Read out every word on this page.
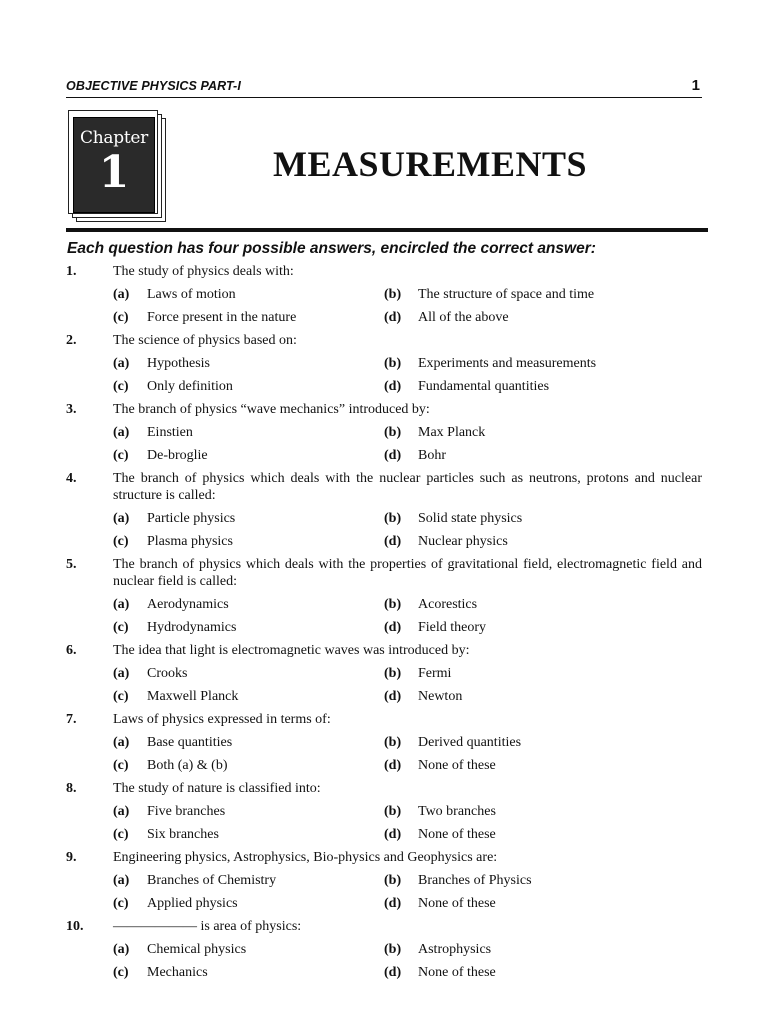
OBJECTIVE PHYSICS PART-I	1
Chapter
1	MEASUREMENTS
Each question has four possible answers, encircled the correct answer:
1.	The study of physics deals with:
(a) Laws of motion	(b) The structure of space and time
(c) Force present in the nature	(d) All of the above
2.	The science of physics based on:
(a) Hypothesis	(b) Experiments and measurements
(c) Only definition	(d) Fundamental quantities
3.	The branch of physics “wave mechanics” introduced by:
(a) Einstien	(b) Max Planck
(c) De-broglie	(d) Bohr
4.	The branch of physics which deals with the nuclear particles such as neutrons, protons and nuclear structure is called:
(a) Particle physics	(b) Solid state physics
(c) Plasma physics	(d) Nuclear physics
5.	The branch of physics which deals with the properties of gravitational field, electromagnetic field and nuclear field is called:
(a) Aerodynamics	(b) Acorestics
(c) Hydrodynamics	(d) Field theory
6.	The idea that light is electromagnetic waves was introduced by:
(a) Crooks	(b) Fermi
(c) Maxwell Planck	(d) Newton
7.	Laws of physics expressed in terms of:
(a) Base quantities	(b) Derived quantities
(c) Both (a) & (b)	(d) None of these
8.	The study of nature is classified into:
(a) Five branches	(b) Two branches
(c) Six branches	(d) None of these
9.	Engineering physics, Astrophysics, Bio-physics and Geophysics are:
(a) Branches of Chemistry	(b) Branches of Physics
(c) Applied physics	(d) None of these
10. —————— is area of physics:
(a) Chemical physics	(b) Astrophysics
(c) Mechanics	(d) None of these
